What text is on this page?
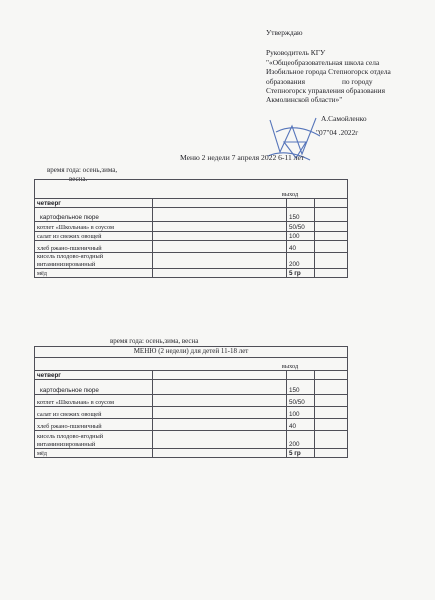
Утверждаю
Руководитель КГУ
"«Общеобразовательная школа села
Изобильное города Степногорск отдела
образования                    по городу
Степногорск управления образования
Акмолинской области»"
А.Самойленко
"07"04 .2022г
Меню 2 недели 7 апреля 2022 6-11 лет
время года: осень,зима,
весна.
выход			
четверг			
картофельное пюре		150	
котлет «Школьная» в соусом		50/50	
салат из свежих овощей		100	
хлеб ржано-пшеничный		40	

кисель плодово-ягодный
витаминизированный		200	
мёд		5 гр	
время года: осень,зима, весна
МЕНЮ (2 недели) для детей 11-18 лет			
выход			
четверг			
картофельное пюре		150	
котлет «Школьная» в соусом		50/50	
салат из свежих овощей		100	
хлеб ржано-пшеничный		40	

кисель плодово-ягодный
витаминизированный		200	
мёд		5 гр	
